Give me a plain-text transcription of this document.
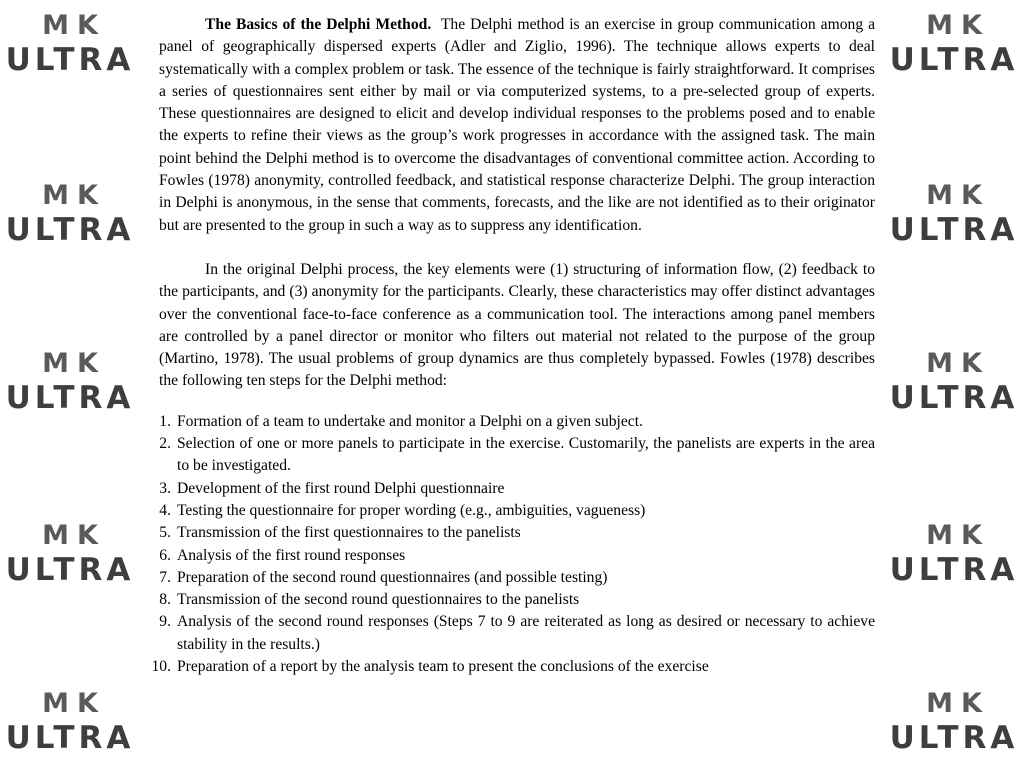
MK
ULTRA
MK
ULTRA
MK
ULTRA
MK
ULTRA
MK
ULTRA
MK
ULTRA
MK
ULTRA
MK
ULTRA
MK
ULTRA
MK
ULTRA

The Basics of the Delphi Method. The Delphi method is an exercise in group communication among a panel of geographically dispersed experts (Adler and Ziglio, 1996). The technique allows experts to deal systematically with a complex problem or task. The essence of the technique is fairly straightforward. It comprises a series of questionnaires sent either by mail or via computerized systems, to a pre-selected group of experts. These questionnaires are designed to elicit and develop individual responses to the problems posed and to enable the experts to refine their views as the group’s work progresses in accordance with the assigned task. The main point behind the Delphi method is to overcome the disadvantages of conventional committee action. According to Fowles (1978) anonymity, controlled feedback, and statistical response characterize Delphi. The group interaction in Delphi is anonymous, in the sense that comments, forecasts, and the like are not identified as to their originator but are presented to the group in such a way as to suppress any identification.

In the original Delphi process, the key elements were (1) structuring of information flow, (2) feedback to the participants, and (3) anonymity for the participants. Clearly, these characteristics may offer distinct advantages over the conventional face-to-face conference as a communication tool. The interactions among panel members are controlled by a panel director or monitor who filters out material not related to the purpose of the group (Martino, 1978). The usual problems of group dynamics are thus completely bypassed. Fowles (1978) describes the following ten steps for the Delphi method:

1. Formation of a team to undertake and monitor a Delphi on a given subject.
2. Selection of one or more panels to participate in the exercise. Customarily, the panelists are experts in the area to be investigated.
3. Development of the first round Delphi questionnaire
4. Testing the questionnaire for proper wording (e.g., ambiguities, vagueness)
5. Transmission of the first questionnaires to the panelists
6. Analysis of the first round responses
7. Preparation of the second round questionnaires (and possible testing)
8. Transmission of the second round questionnaires to the panelists
9. Analysis of the second round responses (Steps 7 to 9 are reiterated as long as desired or necessary to achieve stability in the results.)
10. Preparation of a report by the analysis team to present the conclusions of the exercise
